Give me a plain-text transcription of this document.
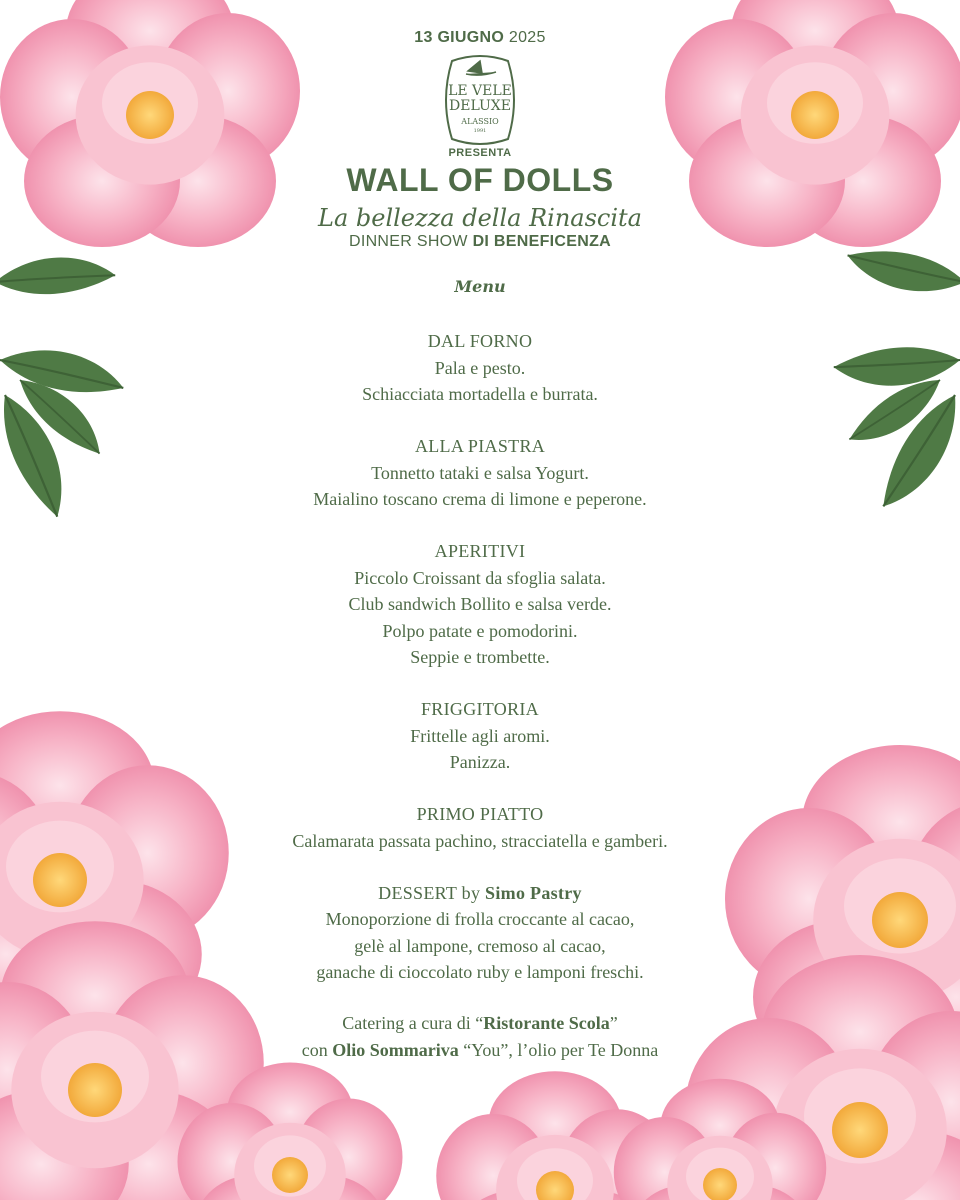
13 GIUGNO 2025
LE VELE
DELUXE
ALASSIO
1991
PRESENTA
WALL OF DOLLS
La bellezza della Rinascita
DINNER SHOW DI BENEFICENZA
Menu
DAL FORNO
Pala e pesto.
Schiacciata mortadella e burrata.
ALLA PIASTRA
Tonnetto tataki e salsa Yogurt.
Maialino toscano crema di limone e peperone.
APERITIVI
Piccolo Croissant da sfoglia salata.
Club sandwich Bollito e salsa verde.
Polpo patate e pomodorini.
Seppie e trombette.
FRIGGITORIA
Frittelle agli aromi.
Panizza.
PRIMO PIATTO
Calamarata passata pachino, stracciatella e gamberi.
DESSERT by Simo Pastry
Monoporzione di frolla croccante al cacao,
gelè al lampone, cremoso al cacao,
ganache di cioccolato ruby e lamponi freschi.
Catering a cura di “Ristorante Scola”
con Olio Sommariva “You”, l’olio per Te Donna
